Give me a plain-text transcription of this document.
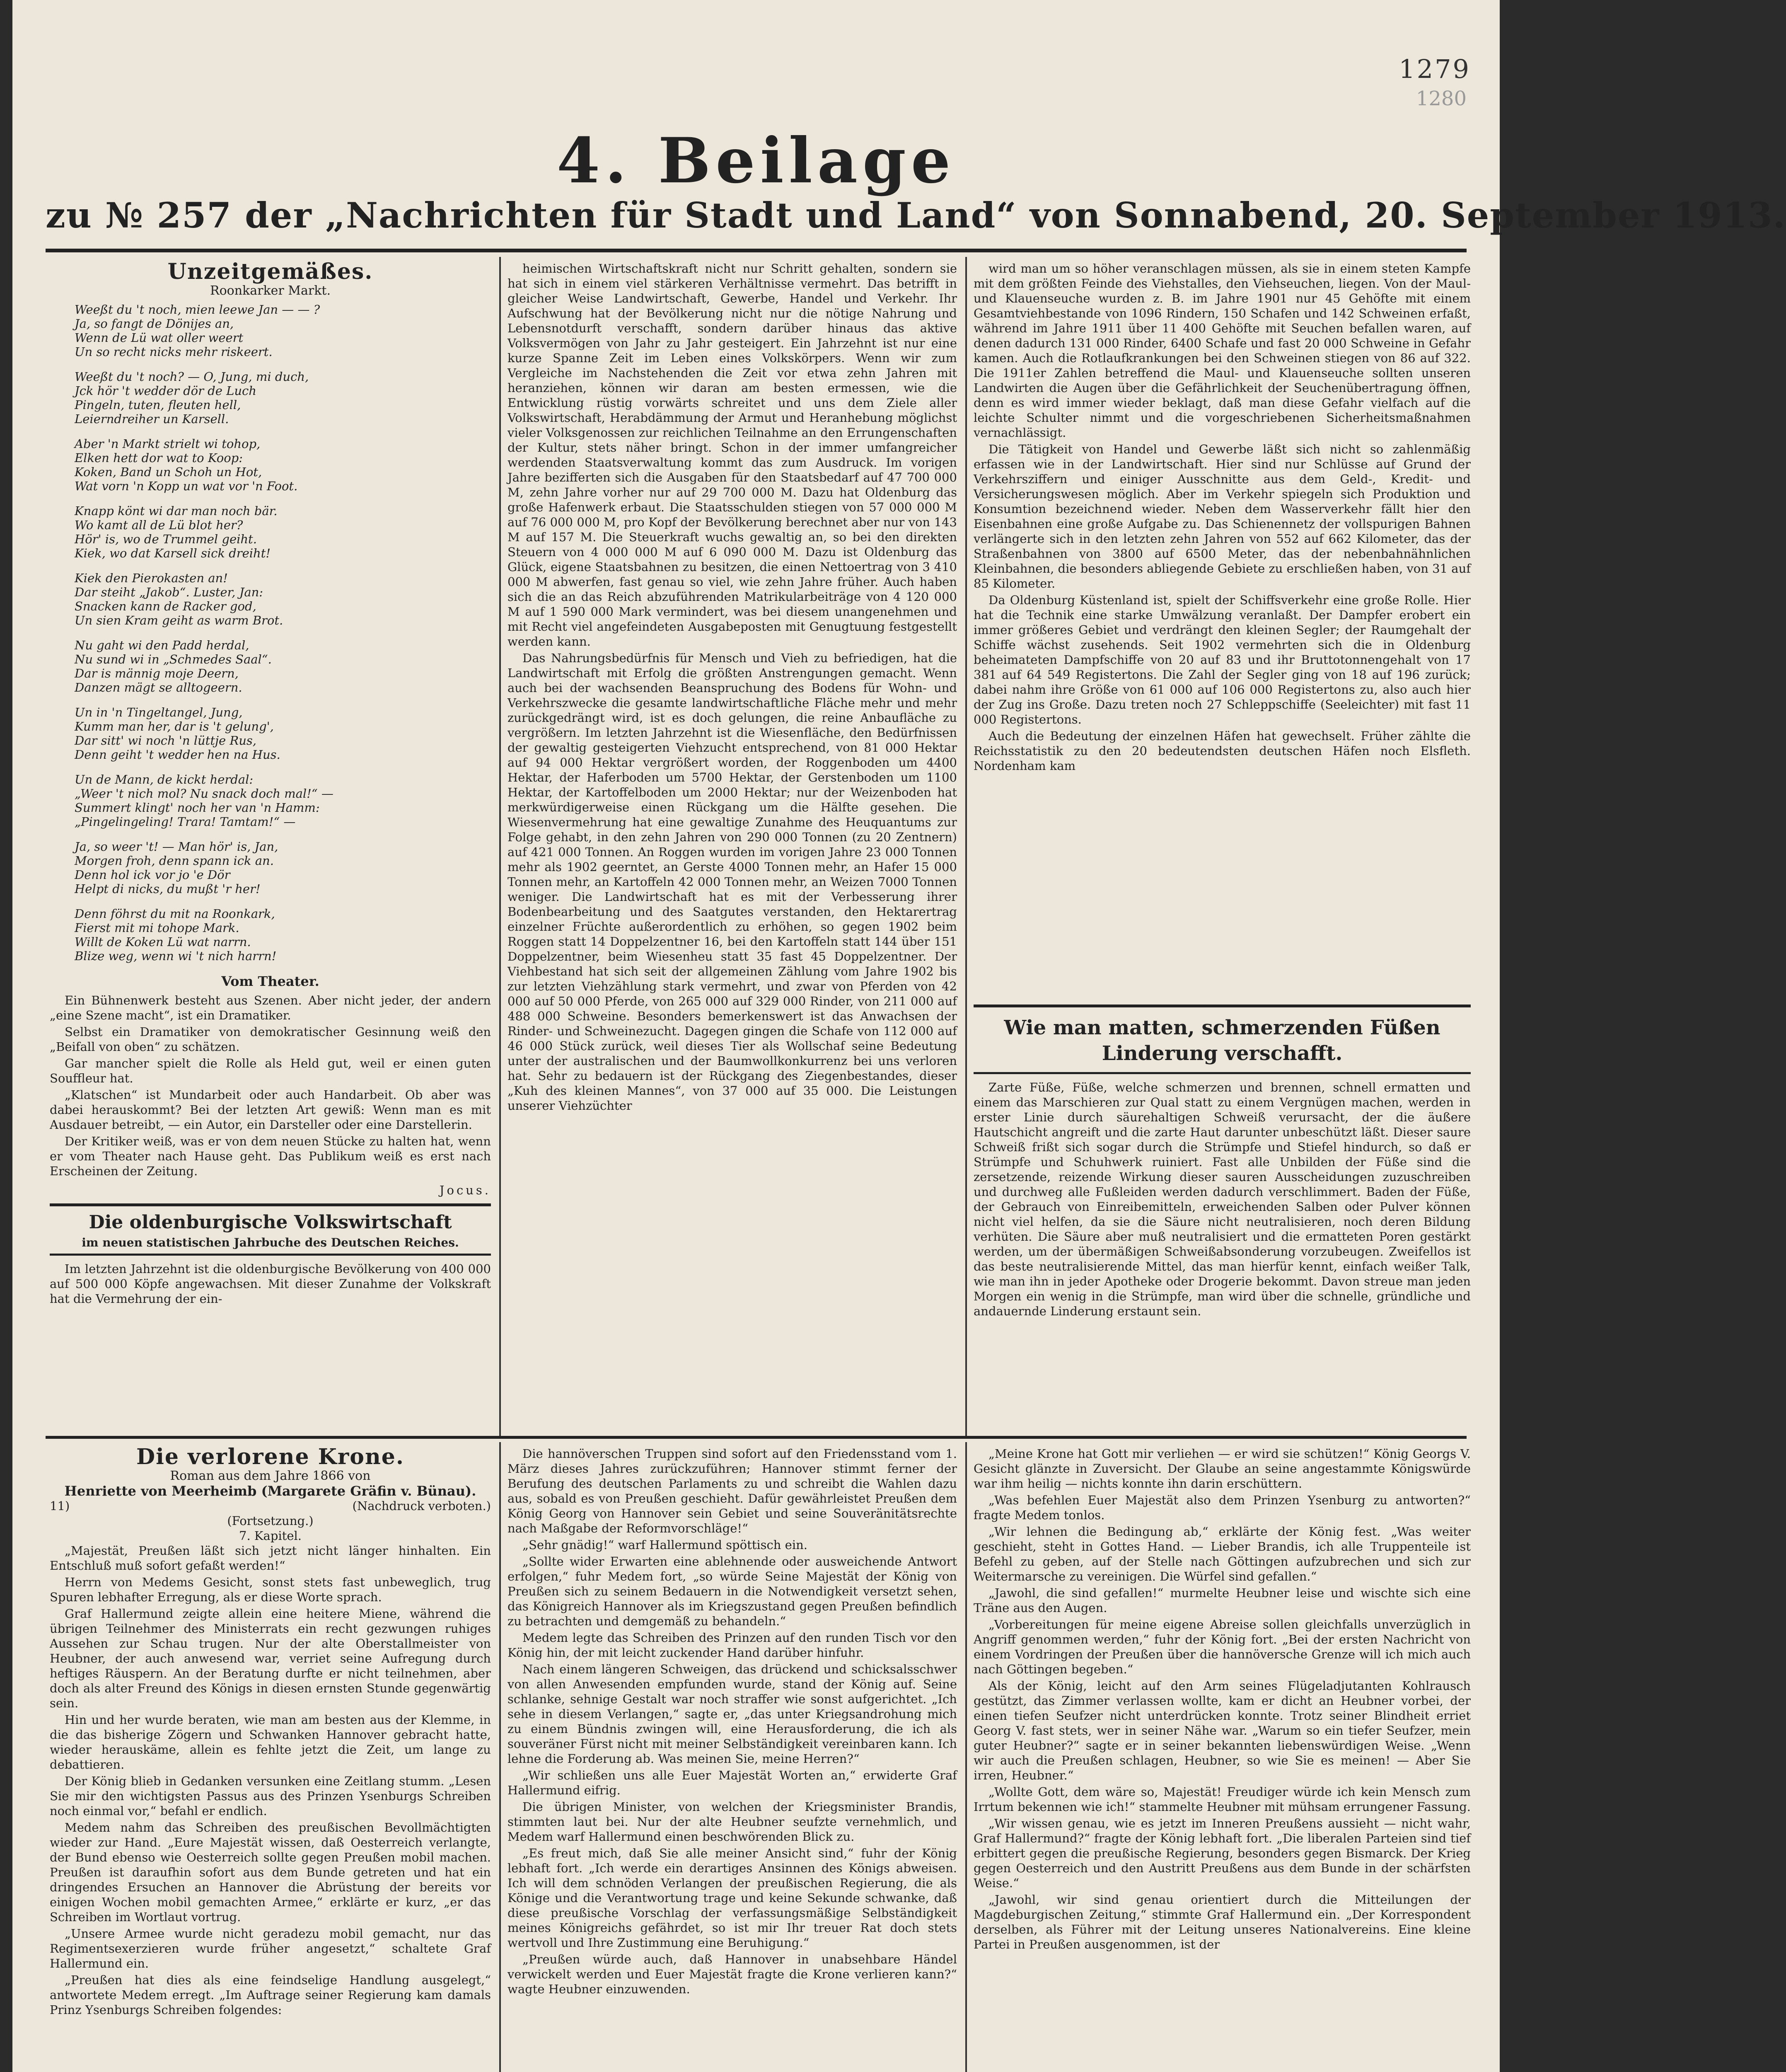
1279
1280
4. Beilage
zu № 257 der „Nachrichten für Stadt und Land“ von Sonnabend, 20. September 1913.
Unzeitgemäßes.
Roonkarker Markt.
Weeßt du 't noch, mien leewe Jan — — ?
Ja, so fangt de Dönijes an,
Wenn de Lü wat oller weert
Un so recht nicks mehr riskeert.
Weeßt du 't noch? — O, Jung, mi duch,
Jck hör 't wedder dör de Luch
Pingeln, tuten, fleuten hell,
Leierndreiher un Karsell.
Aber 'n Markt strielt wi tohop,
Elken hett dor wat to Koop:
Koken, Band un Schoh un Hot,
Wat vorn 'n Kopp un wat vor 'n Foot.
Knapp könt wi dar man noch bär.
Wo kamt all de Lü blot her?
Hör' is, wo de Trummel geiht.
Kiek, wo dat Karsell sick dreiht!
Kiek den Pierokasten an!
Dar steiht „Jakob“. Luster, Jan:
Snacken kann de Racker god,
Un sien Kram geiht as warm Brot.
Nu gaht wi den Padd herdal,
Nu sund wi in „Schmedes Saal“.
Dar is männig moje Deern,
Danzen mägt se alltogeern.
Un in 'n Tingeltangel, Jung,
Kumm man her, dar is 't gelung',
Dar sitt' wi noch 'n lüttje Rus,
Denn geiht 't wedder hen na Hus.
Un de Mann, de kickt herdal:
„Weer 't nich mol? Nu snack doch mal!“ —
Summert klingt' noch her van 'n Hamm:
„Pingelingeling! Trara! Tamtam!“ —
Ja, so weer 't! — Man hör' is, Jan,
Morgen froh, denn spann ick an.
Denn hol ick vor jo 'e Dör
Helpt di nicks, du mußt 'r her!
Denn föhrst du mit na Roonkark,
Fierst mit mi tohope Mark.
Willt de Koken Lü wat narrn.
Blize weg, wenn wi 't nich harrn!
Vom Theater.

Ein Bühnenwerk besteht aus Szenen. Aber nicht jeder, der andern „eine Szene macht“, ist ein Dramatiker.

Selbst ein Dramatiker von demokratischer Gesinnung weiß den „Beifall von oben“ zu schätzen.

Gar mancher spielt die Rolle als Held gut, weil er einen guten Souffleur hat.

„Klatschen“ ist Mundarbeit oder auch Handarbeit. Ob aber was dabei herauskommt? Bei der letzten Art gewiß: Wenn man es mit Ausdauer betreibt, — ein Autor, ein Darsteller oder eine Darstellerin.

Der Kritiker weiß, was er von dem neuen Stücke zu halten hat, wenn er vom Theater nach Hause geht. Das Publikum weiß es erst nach Erscheinen der Zeitung.

Jocus.
Die oldenburgische Volkswirtschaft
im neuen statistischen Jahrbuche des Deutschen Reiches.

Im letzten Jahrzehnt ist die oldenburgische Bevölkerung von 400 000 auf 500 000 Köpfe angewachsen. Mit dieser Zunahme der Volkskraft hat die Vermehrung der ein-

heimischen Wirtschaftskraft nicht nur Schritt gehalten, sondern sie hat sich in einem viel stärkeren Verhältnisse vermehrt. Das betrifft in gleicher Weise Landwirtschaft, Gewerbe, Handel und Verkehr. Ihr Aufschwung hat der Bevölkerung nicht nur die nötige Nahrung und Lebensnotdurft verschafft, sondern darüber hinaus das aktive Volksvermögen von Jahr zu Jahr gesteigert. Ein Jahrzehnt ist nur eine kurze Spanne Zeit im Leben eines Volkskörpers. Wenn wir zum Vergleiche im Nachstehenden die Zeit vor etwa zehn Jahren mit heranziehen, können wir daran am besten ermessen, wie die Entwicklung rüstig vorwärts schreitet und uns dem Ziele aller Volkswirtschaft, Herabdämmung der Armut und Heranhebung möglichst vieler Volksgenossen zur reichlichen Teilnahme an den Errungenschaften der Kultur, stets näher bringt. Schon in der immer umfangreicher werdenden Staatsverwaltung kommt das zum Ausdruck. Im vorigen Jahre bezifferten sich die Ausgaben für den Staatsbedarf auf 47 700 000 M, zehn Jahre vorher nur auf 29 700 000 M. Dazu hat Oldenburg das große Hafenwerk erbaut. Die Staatsschulden stiegen von 57 000 000 M auf 76 000 000 M, pro Kopf der Bevölkerung berechnet aber nur von 143 M auf 157 M. Die Steuerkraft wuchs gewaltig an, so bei den direkten Steuern von 4 000 000 M auf 6 090 000 M. Dazu ist Oldenburg das Glück, eigene Staatsbahnen zu besitzen, die einen Nettoertrag von 3 410 000 M abwerfen, fast genau so viel, wie zehn Jahre früher. Auch haben sich die an das Reich abzuführenden Matrikularbeiträge von 4 120 000 M auf 1 590 000 Mark vermindert, was bei diesem unangenehmen und mit Recht viel angefeindeten Ausgabeposten mit Genugtuung festgestellt werden kann.

Das Nahrungsbedürfnis für Mensch und Vieh zu befriedigen, hat die Landwirtschaft mit Erfolg die größten Anstrengungen gemacht. Wenn auch bei der wachsenden Beanspruchung des Bodens für Wohn- und Verkehrszwecke die gesamte landwirtschaftliche Fläche mehr und mehr zurückgedrängt wird, ist es doch gelungen, die reine Anbaufläche zu vergrößern. Im letzten Jahrzehnt ist die Wiesenfläche, den Bedürfnissen der gewaltig gesteigerten Viehzucht entsprechend, von 81 000 Hektar auf 94 000 Hektar vergrößert worden, der Roggenboden um 4400 Hektar, der Haferboden um 5700 Hektar, der Gerstenboden um 1100 Hektar, der Kartoffelboden um 2000 Hektar; nur der Weizenboden hat merkwürdigerweise einen Rückgang um die Hälfte gesehen. Die Wiesenvermehrung hat eine gewaltige Zunahme des Heuquantums zur Folge gehabt, in den zehn Jahren von 290 000 Tonnen (zu 20 Zentnern) auf 421 000 Tonnen. An Roggen wurden im vorigen Jahre 23 000 Tonnen mehr als 1902 geerntet, an Gerste 4000 Tonnen mehr, an Hafer 15 000 Tonnen mehr, an Kartoffeln 42 000 Tonnen mehr, an Weizen 7000 Tonnen weniger. Die Landwirtschaft hat es mit der Verbesserung ihrer Bodenbearbeitung und des Saatgutes verstanden, den Hektarertrag einzelner Früchte außerordentlich zu erhöhen, so gegen 1902 beim Roggen statt 14 Doppelzentner 16, bei den Kartoffeln statt 144 über 151 Doppelzentner, beim Wiesenheu statt 35 fast 45 Doppelzentner. Der Viehbestand hat sich seit der allgemeinen Zählung vom Jahre 1902 bis zur letzten Viehzählung stark vermehrt, und zwar von Pferden von 42 000 auf 50 000 Pferde, von 265 000 auf 329 000 Rinder, von 211 000 auf 488 000 Schweine. Besonders bemerkenswert ist das Anwachsen der Rinder- und Schweinezucht. Dagegen gingen die Schafe von 112 000 auf 46 000 Stück zurück, weil dieses Tier als Wollschaf seine Bedeutung unter der australischen und der Baumwollkonkurrenz bei uns verloren hat. Sehr zu bedauern ist der Rückgang des Ziegenbestandes, dieser „Kuh des kleinen Mannes“, von 37 000 auf 35 000. Die Leistungen unserer Viehzüchter

wird man um so höher veranschlagen müssen, als sie in einem steten Kampfe mit dem größten Feinde des Viehstalles, den Viehseuchen, liegen. Von der Maul- und Klauenseuche wurden z. B. im Jahre 1901 nur 45 Gehöfte mit einem Gesamtviehbestande von 1096 Rindern, 150 Schafen und 142 Schweinen erfaßt, während im Jahre 1911 über 11 400 Gehöfte mit Seuchen befallen waren, auf denen dadurch 131 000 Rinder, 6400 Schafe und fast 20 000 Schweine in Gefahr kamen. Auch die Rotlaufkrankungen bei den Schweinen stiegen von 86 auf 322. Die 1911er Zahlen betreffend die Maul- und Klauenseuche sollten unseren Landwirten die Augen über die Gefährlichkeit der Seuchenübertragung öffnen, denn es wird immer wieder beklagt, daß man diese Gefahr vielfach auf die leichte Schulter nimmt und die vorgeschriebenen Sicherheitsmaßnahmen vernachlässigt.

Die Tätigkeit von Handel und Gewerbe läßt sich nicht so zahlenmäßig erfassen wie in der Landwirtschaft. Hier sind nur Schlüsse auf Grund der Verkehrsziffern und einiger Ausschnitte aus dem Geld-, Kredit- und Versicherungswesen möglich. Aber im Verkehr spiegeln sich Produktion und Konsumtion bezeichnend wieder. Neben dem Wasserverkehr fällt hier den Eisenbahnen eine große Aufgabe zu. Das Schienennetz der vollspurigen Bahnen verlängerte sich in den letzten zehn Jahren von 552 auf 662 Kilometer, das der Straßenbahnen von 3800 auf 6500 Meter, das der nebenbahnähnlichen Kleinbahnen, die besonders abliegende Gebiete zu erschließen haben, von 31 auf 85 Kilometer.

Da Oldenburg Küstenland ist, spielt der Schiffsverkehr eine große Rolle. Hier hat die Technik eine starke Umwälzung veranlaßt. Der Dampfer erobert ein immer größeres Gebiet und verdrängt den kleinen Segler; der Raumgehalt der Schiffe wächst zusehends. Seit 1902 vermehrten sich die in Oldenburg beheimateten Dampfschiffe von 20 auf 83 und ihr Bruttotonnengehalt von 17 381 auf 64 549 Registertons. Die Zahl der Segler ging von 18 auf 196 zurück; dabei nahm ihre Größe von 61 000 auf 106 000 Registertons zu, also auch hier der Zug ins Große. Dazu treten noch 27 Schleppschiffe (Seeleichter) mit fast 11 000 Registertons.

Auch die Bedeutung der einzelnen Häfen hat gewechselt. Früher zählte die Reichsstatistik zu den 20 bedeutendsten deutschen Häfen noch Elsfleth. Nordenham kam

Wie man matten, schmerzenden Füßen Linderung verschafft.

Zarte Füße, Füße, welche schmerzen und brennen, schnell ermatten und einem das Marschieren zur Qual statt zu einem Vergnügen machen, werden in erster Linie durch säurehaltigen Schweiß verursacht, der die äußere Hautschicht angreift und die zarte Haut darunter unbeschützt läßt. Dieser saure Schweiß frißt sich sogar durch die Strümpfe und Stiefel hindurch, so daß er Strümpfe und Schuhwerk ruiniert. Fast alle Unbilden der Füße sind die zersetzende, reizende Wirkung dieser sauren Ausscheidungen zuzuschreiben und durchweg alle Fußleiden werden dadurch verschlimmert. Baden der Füße, der Gebrauch von Einreibemitteln, erweichenden Salben oder Pulver können nicht viel helfen, da sie die Säure nicht neutralisieren, noch deren Bildung verhüten. Die Säure aber muß neutralisiert und die ermatteten Poren gestärkt werden, um der übermäßigen Schweißabsonderung vorzubeugen. Zweifellos ist das beste neutralisierende Mittel, das man hierfür kennt, einfach weißer Talk, wie man ihn in jeder Apotheke oder Drogerie bekommt. Davon streue man jeden Morgen ein wenig in die Strümpfe, man wird über die schnelle, gründliche und andauernde Linderung erstaunt sein.

Die verlorene Krone.
Roman aus dem Jahre 1866 von
Henriette von Meerheimb (Margarete Gräfin v. Bünau).
11)	(Nachdruck verboten.)
(Fortsetzung.)
7. Kapitel.

„Majestät, Preußen läßt sich jetzt nicht länger hinhalten. Ein Entschluß muß sofort gefaßt werden!“

Herrn von Medems Gesicht, sonst stets fast unbeweglich, trug Spuren lebhafter Erregung, als er diese Worte sprach.

Graf Hallermund zeigte allein eine heitere Miene, während die übrigen Teilnehmer des Ministerrats ein recht gezwungen ruhiges Aussehen zur Schau trugen. Nur der alte Oberstallmeister von Heubner, der auch anwesend war, verriet seine Aufregung durch heftiges Räuspern. An der Beratung durfte er nicht teilnehmen, aber doch als alter Freund des Königs in diesen ernsten Stunde gegenwärtig sein.

Hin und her wurde beraten, wie man am besten aus der Klemme, in die das bisherige Zögern und Schwanken Hannover gebracht hatte, wieder herauskäme, allein es fehlte jetzt die Zeit, um lange zu debattieren.

Der König blieb in Gedanken versunken eine Zeitlang stumm. „Lesen Sie mir den wichtigsten Passus aus des Prinzen Ysenburgs Schreiben noch einmal vor,“ befahl er endlich.

Medem nahm das Schreiben des preußischen Bevollmächtigten wieder zur Hand. „Eure Majestät wissen, daß Oesterreich verlangte, der Bund ebenso wie Oesterreich sollte gegen Preußen mobil machen. Preußen ist daraufhin sofort aus dem Bunde getreten und hat ein dringendes Ersuchen an Hannover die Abrüstung der bereits vor einigen Wochen mobil gemachten Armee,“ erklärte er kurz, „er das Schreiben im Wortlaut vortrug.

„Unsere Armee wurde nicht geradezu mobil gemacht, nur das Regimentsexerzieren wurde früher angesetzt,“ schaltete Graf Hallermund ein.

„Preußen hat dies als eine feindselige Handlung ausgelegt,“ antwortete Medem erregt. „Im Auftrage seiner Regierung kam damals Prinz Ysenburgs Schreiben folgendes:

Die hannöverschen Truppen sind sofort auf den Friedensstand vom 1. März dieses Jahres zurückzuführen; Hannover stimmt ferner der Berufung des deutschen Parlaments zu und schreibt die Wahlen dazu aus, sobald es von Preußen geschieht. Dafür gewährleistet Preußen dem König Georg von Hannover sein Gebiet und seine Souveränitätsrechte nach Maßgabe der Reformvorschläge!“

„Sehr gnädig!“ warf Hallermund spöttisch ein.

„Sollte wider Erwarten eine ablehnende oder ausweichende Antwort erfolgen,“ fuhr Medem fort, „so würde Seine Majestät der König von Preußen sich zu seinem Bedauern in die Notwendigkeit versetzt sehen, das Königreich Hannover als im Kriegszustand gegen Preußen befindlich zu betrachten und demgemäß zu behandeln.“

Medem legte das Schreiben des Prinzen auf den runden Tisch vor den König hin, der mit leicht zuckender Hand darüber hinfuhr.

Nach einem längeren Schweigen, das drückend und schicksalsschwer von allen Anwesenden empfunden wurde, stand der König auf. Seine schlanke, sehnige Gestalt war noch straffer wie sonst aufgerichtet. „Ich sehe in diesem Verlangen,“ sagte er, „das unter Kriegsandrohung mich zu einem Bündnis zwingen will, eine Herausforderung, die ich als souveräner Fürst nicht mit meiner Selbständigkeit vereinbaren kann. Ich lehne die Forderung ab. Was meinen Sie, meine Herren?“

„Wir schließen uns alle Euer Majestät Worten an,“ erwiderte Graf Hallermund eifrig.

Die übrigen Minister, von welchen der Kriegsminister Brandis, stimmten laut bei. Nur der alte Heubner seufzte vernehmlich, und Medem warf Hallermund einen beschwörenden Blick zu.

„Es freut mich, daß Sie alle meiner Ansicht sind,“ fuhr der König lebhaft fort. „Ich werde ein derartiges Ansinnen des Königs abweisen. Ich will dem schnöden Verlangen der preußischen Regierung, die als Könige und die Verantwortung trage und keine Sekunde schwanke, daß diese preußische Vorschlag der verfassungsmäßige Selbständigkeit meines Königreichs gefährdet, so ist mir Ihr treuer Rat doch stets wertvoll und Ihre Zustimmung eine Beruhigung.“

„Preußen würde auch, daß Hannover in unabsehbare Händel verwickelt werden und Euer Majestät fragte die Krone verlieren kann?“ wagte Heubner einzuwenden.

„Meine Krone hat Gott mir verliehen — er wird sie schützen!“ König Georgs V. Gesicht glänzte in Zuversicht. Der Glaube an seine angestammte Königswürde war ihm heilig — nichts konnte ihn darin erschüttern.

„Was befehlen Euer Majestät also dem Prinzen Ysenburg zu antworten?“ fragte Medem tonlos.

„Wir lehnen die Bedingung ab,“ erklärte der König fest. „Was weiter geschieht, steht in Gottes Hand. — Lieber Brandis, ich alle Truppenteile ist Befehl zu geben, auf der Stelle nach Göttingen aufzubrechen und sich zur Weitermarsche zu vereinigen. Die Würfel sind gefallen.“

„Jawohl, die sind gefallen!“ murmelte Heubner leise und wischte sich eine Träne aus den Augen.

„Vorbereitungen für meine eigene Abreise sollen gleichfalls unverzüglich in Angriff genommen werden,“ fuhr der König fort. „Bei der ersten Nachricht von einem Vordringen der Preußen über die hannöversche Grenze will ich mich auch nach Göttingen begeben.“

Als der König, leicht auf den Arm seines Flügeladjutanten Kohlrausch gestützt, das Zimmer verlassen wollte, kam er dicht an Heubner vorbei, der einen tiefen Seufzer nicht unterdrücken konnte. Trotz seiner Blindheit erriet Georg V. fast stets, wer in seiner Nähe war. „Warum so ein tiefer Seufzer, mein guter Heubner?“ sagte er in seiner bekannten liebenswürdigen Weise. „Wenn wir auch die Preußen schlagen, Heubner, so wie Sie es meinen! — Aber Sie irren, Heubner.“

„Wollte Gott, dem wäre so, Majestät! Freudiger würde ich kein Mensch zum Irrtum bekennen wie ich!“ stammelte Heubner mit mühsam errungener Fassung.

„Wir wissen genau, wie es jetzt im Inneren Preußens aussieht — nicht wahr, Graf Hallermund?“ fragte der König lebhaft fort. „Die liberalen Parteien sind tief erbittert gegen die preußische Regierung, besonders gegen Bismarck. Der Krieg gegen Oesterreich und den Austritt Preußens aus dem Bunde in der schärfsten Weise.“

„Jawohl, wir sind genau orientiert durch die Mitteilungen der Magdeburgischen Zeitung,“ stimmte Graf Hallermund ein. „Der Korrespondent derselben, als Führer mit der Leitung unseres Nationalvereins. Eine kleine Partei in Preußen ausgenommen, ist der
